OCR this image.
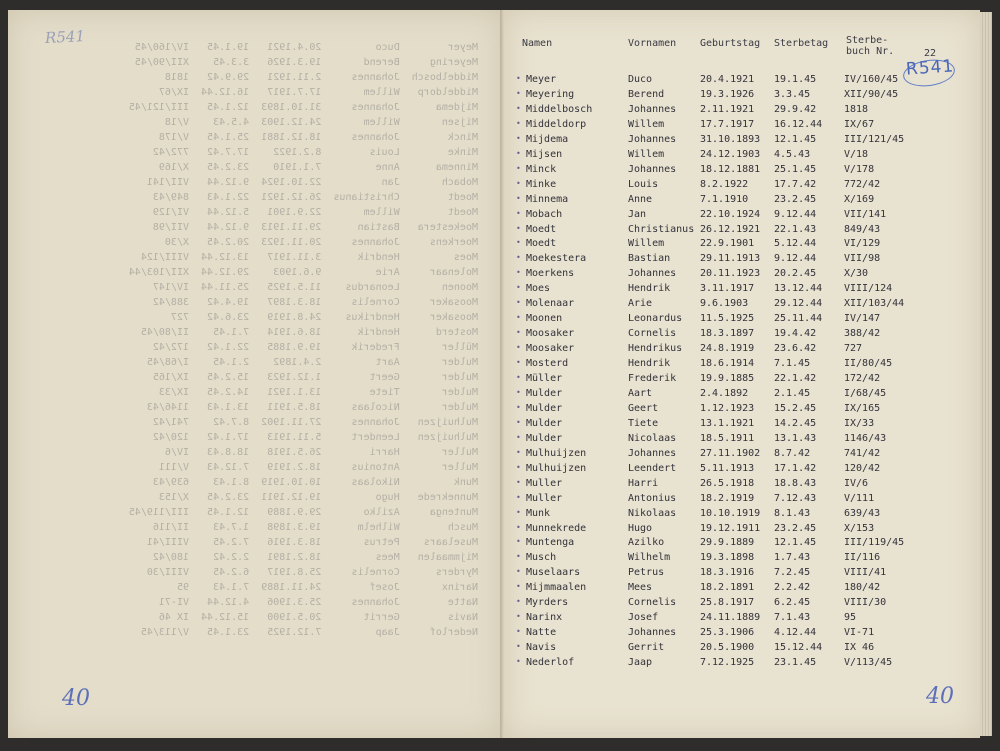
Meyer        Duco         20.4.1921   19.1.45   IV/160/45
Meyering     Berend       19.3.1926   3.3.45    XII/90/45
Middelbosch  Johannes     2.11.1921   29.9.42   1818
Middeldorp   Willem       17.7.1917   16.12.44  IX/67
Mijdema      Johannes     31.10.1893  12.1.45   III/121/45
Mijsen       Willem       24.12.1903  4.5.43    V/18
Minck        Johannes     18.12.1881  25.1.45   V/178
Minke        Louis        8.2.1922    17.7.42   772/42
Minnema      Anne         7.1.1910    23.2.45   X/169
Mobach       Jan          22.10.1924  9.12.44   VII/141
Moedt        Christianus  26.12.1921  22.1.43   849/43
Moedt        Willem       22.9.1901   5.12.44   VI/129
Moekestera   Bastian      29.11.1913  9.12.44   VII/98
Moerkens     Johannes     20.11.1923  20.2.45   X/30
Moes         Hendrik      3.11.1917   13.12.44  VIII/124
Molenaar     Arie         9.6.1903    29.12.44  XII/103/44
Moonen       Leonardus    11.5.1925   25.11.44  IV/147
Moosaker     Cornelis     18.3.1897   19.4.42   388/42
Moosaker     Hendrikus    24.8.1919   23.6.42   727
Mosterd      Hendrik      18.6.1914   7.1.45    II/80/45
Müller       Frederik     19.9.1885   22.1.42   172/42
Mulder       Aart         2.4.1892    2.1.45    I/68/45
Mulder       Geert        1.12.1923   15.2.45   IX/165
Mulder       Tiete        13.1.1921   14.2.45   IX/33
Mulder       Nicolaas     18.5.1911   13.1.43   1146/43
Mulhuijzen   Johannes     27.11.1902  8.7.42    741/42
Mulhuijzen   Leendert     5.11.1913   17.1.42   120/42
Muller       Harri        26.5.1918   18.8.43   IV/6
Muller       Antonius     18.2.1919   7.12.43   V/111
Munk         Nikolaas     10.10.1919  8.1.43    639/43
Munnekrede   Hugo         19.12.1911  23.2.45   X/153
Muntenga     Azilko       29.9.1889   12.1.45   III/119/45
Musch        Wilhelm      19.3.1898   1.7.43    II/116
Muselaars    Petrus       18.3.1916   7.2.45    VIII/41
Mijmmaalen   Mees         18.2.1891   2.2.42    180/42
Myrders      Cornelis     25.8.1917   6.2.45    VIII/30
Narinx       Josef        24.11.1889  7.1.43    95
Natte        Johannes     25.3.1906   4.12.44   VI-71
Navis        Gerrit       20.5.1900   15.12.44  IX 46
Nederlof     Jaap         7.12.1925   23.1.45   V/113/45
R541
40
Namen	Vornamen Geburtstag Sterbetag Sterbe-
buch Nr.	22
R541
• Meyer	Duco	20.4.1921 19.1.45	IV/160/45
• Meyering	Berend	19.3.1926 3.3.45	XII/90/45
• Middelbosch	Johannes 2.11.1921 29.9.42	1818
• Middeldorp	Willem	17.7.1917 16.12.44 IX/67
• Mijdema	Johannes 31.10.1893 12.1.45	III/121/45
• Mijsen	Willem	24.12.1903 4.5.43	V/18
• Minck	Johannes 18.12.1881 25.1.45	V/178
• Minke	Louis	8.2.1922	17.7.42	772/42
• Minnema	Anne	7.1.1910	23.2.45	X/169
• Mobach	Jan	22.10.1924 9.12.44	VII/141
• Moedt	Christianus 26.12.1921 22.1.43	849/43
• Moedt	Willem	22.9.1901 5.12.44	VI/129
• Moekestera	Bastian	29.11.1913 9.12.44	VII/98
• Moerkens	Johannes 20.11.1923 20.2.45	X/30
• Moes	Hendrik	3.11.1917 13.12.44 VIII/124
• Molenaar	Arie	9.6.1903	29.12.44 XII/103/44
• Moonen	Leonardus 11.5.1925 25.11.44 IV/147
• Moosaker	Cornelis 18.3.1897 19.4.42	388/42
• Moosaker	Hendrikus 24.8.1919 23.6.42	727
• Mosterd	Hendrik	18.6.1914 7.1.45	II/80/45
• Müller	Frederik 19.9.1885 22.1.42	172/42
• Mulder	Aart	2.4.1892	2.1.45	I/68/45
• Mulder	Geert	1.12.1923 15.2.45	IX/165
• Mulder	Tiete	13.1.1921 14.2.45	IX/33
• Mulder	Nicolaas 18.5.1911 13.1.43	1146/43
• Mulhuijzen	Johannes 27.11.1902 8.7.42	741/42
• Mulhuijzen	Leendert 5.11.1913 17.1.42	120/42
• Muller	Harri	26.5.1918 18.8.43	IV/6
• Muller	Antonius 18.2.1919 7.12.43	V/111
• Munk	Nikolaas 10.10.1919 8.1.43	639/43
• Munnekrede	Hugo	19.12.1911 23.2.45	X/153
• Muntenga	Azilko	29.9.1889 12.1.45	III/119/45
• Musch	Wilhelm	19.3.1898 1.7.43	II/116
• Muselaars	Petrus	18.3.1916 7.2.45	VIII/41
• Mijmmaalen	Mees	18.2.1891 2.2.42	180/42
• Myrders	Cornelis 25.8.1917 6.2.45	VIII/30
• Narinx	Josef	24.11.1889 7.1.43	95
• Natte	Johannes 25.3.1906 4.12.44	VI-71
• Navis	Gerrit	20.5.1900 15.12.44 IX 46
• Nederlof	Jaap	7.12.1925 23.1.45	V/113/45
40
